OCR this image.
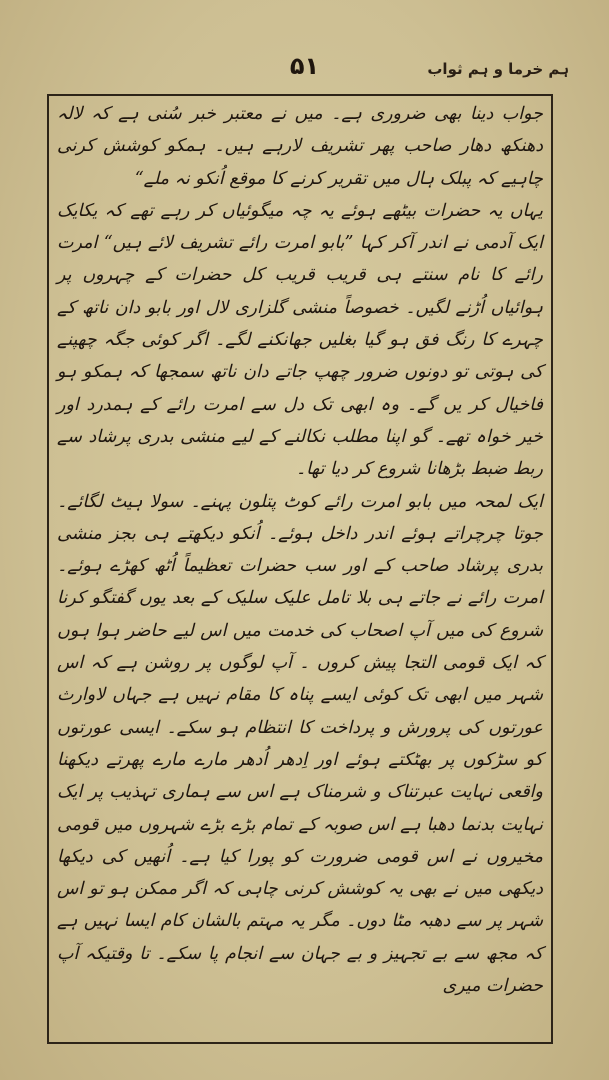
ہم خرما و ہم ثواب
۵۱

جواب دینا بھی ضروری ہے۔ میں نے معتبر خبر سُنی ہے کہ لالہ دھنکھ دھار صاحب پھر تشریف لارہے ہیں۔ ہمکو کوشش کرنی چاہیے کہ پبلک ہال میں تقریر کرنے کا موقع اُنکو نہ ملے“

یہاں یہ حضرات بیٹھے ہوئے یہ چہ میگوئیاں کر رہے تھے کہ یکایک ایک آدمی نے اندر آکر کہا ”بابو امرت رائے تشریف لائے ہیں“ امرت رائے کا نام سنتے ہی قریب قریب کل حضرات کے چہروں پر ہوائیاں اُڑنے لگیں۔ خصوصاً منشی گلزاری لال اور بابو دان ناتھ کے چہرے کا رنگ فق ہو گیا بغلیں جھانکنے لگے۔ اگر کوئی جگہ چھپنے کی ہوتی تو دونوں ضرور چھپ جاتے دان ناتھ سمجھا کہ ہمکو ہو فاخیال کر یں گے۔ وہ ابھی تک دل سے امرت رائے کے ہمدرد اور خیر خواہ تھے۔ گو اپنا مطلب نکالنے کے لیے منشی بدری پرشاد سے ربط ضبط بڑھانا شروع کر دیا تھا۔

ایک لمحہ میں بابو امرت رائے کوٹ پتلون پہنے۔ سولا ہیٹ لگائے۔ جوتا چرچراتے ہوئے اندر داخل ہوئے۔ اُنکو دیکھتے ہی بجز منشی بدری پرشاد صاحب کے اور سب حضرات تعظیماً اُٹھ کھڑے ہوئے۔ امرت رائے نے جاتے ہی بلا تامل علیک سلیک کے بعد یوں گفتگو کرنا شروع کی میں آپ اصحاب کی خدمت میں اس لیے حاضر ہوا ہوں کہ ایک قومی التجا پیش کروں ۔ آپ لوگوں پر روشن ہے کہ اس شہر میں ابھی تک کوئی ایسے پناہ کا مقام نہیں ہے جہاں لاوارث عورتوں کی پرورش و پرداخت کا انتظام ہو سکے۔ ایسی عورتوں کو سڑکوں پر بھٹکتے ہوئے اور اِدھر اُدھر مارے مارے پھرتے دیکھنا واقعی نہایت عبرتناک و شرمناک ہے اس سے ہماری تہذیب پر ایک نہایت بدنما دھبا ہے اس صوبہ کے تمام بڑے بڑے شہروں میں قومی مخیروں نے اس قومی ضرورت کو پورا کیا ہے۔ اُنھیں کی دیکھا دیکھی میں نے بھی یہ کوشش کرنی چاہی کہ اگر ممکن ہو تو اس شہر پر سے دھبہ مٹا دوں۔ مگر یہ مہتم بالشان کام ایسا نہیں ہے کہ مجھ سے بے تجہیز و بے جہان سے انجام پا سکے۔ تا وقتیکہ آپ حضرات میری
